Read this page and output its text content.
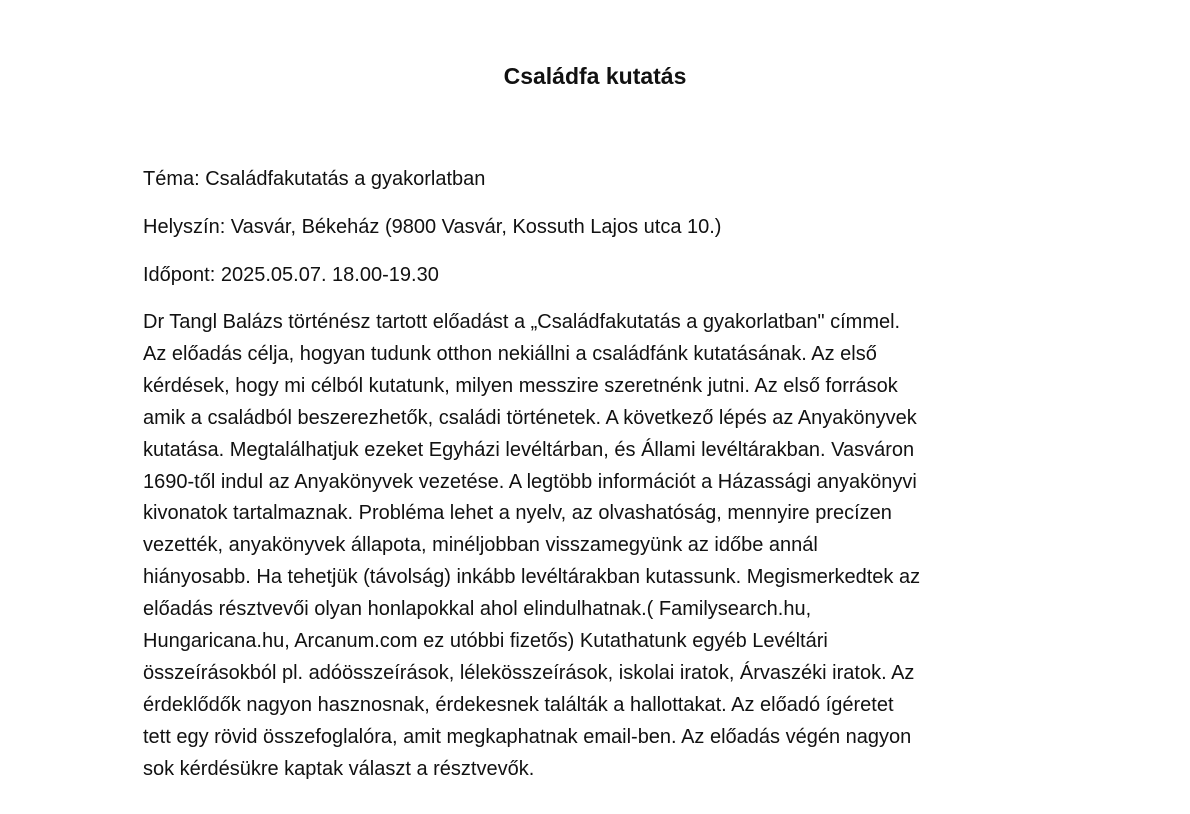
Családfa kutatás

Téma: Családfakutatás a gyakorlatban

Helyszín: Vasvár, Békeház (9800 Vasvár, Kossuth Lajos utca 10.)

Időpont: 2025.05.07. 18.00-19.30

Dr Tangl Balázs történész tartott előadást a „Családfakutatás a gyakorlatban" címmel.
Az előadás célja, hogyan tudunk otthon nekiállni a családfánk kutatásának. Az első
kérdések, hogy mi célból kutatunk, milyen messzire szeretnénk jutni. Az első források
amik a családból beszerezhetők, családi történetek. A következő lépés az Anyakönyvek
kutatása. Megtalálhatjuk ezeket Egyházi levéltárban, és Állami levéltárakban. Vasváron
1690-től indul az Anyakönyvek vezetése. A legtöbb információt a Házassági anyakönyvi
kivonatok tartalmaznak. Probléma lehet a nyelv, az olvashatóság, mennyire precízen
vezették, anyakönyvek állapota, minéljobban visszamegyünk az időbe annál
hiányosabb. Ha tehetjük (távolság) inkább levéltárakban kutassunk. Megismerkedtek az
előadás résztvevői olyan honlapokkal ahol elindulhatnak.( Familysearch.hu,
Hungaricana.hu, Arcanum.com ez utóbbi fizetős) Kutathatunk egyéb Levéltári
összeírásokból pl. adóösszeírások, lélekösszeírások, iskolai iratok, Árvaszéki iratok. Az
érdeklődők nagyon hasznosnak, érdekesnek találták a hallottakat. Az előadó ígéretet
tett egy rövid összefoglalóra, amit megkaphatnak email-ben. Az előadás végén nagyon
sok kérdésükre kaptak választ a résztvevők.
